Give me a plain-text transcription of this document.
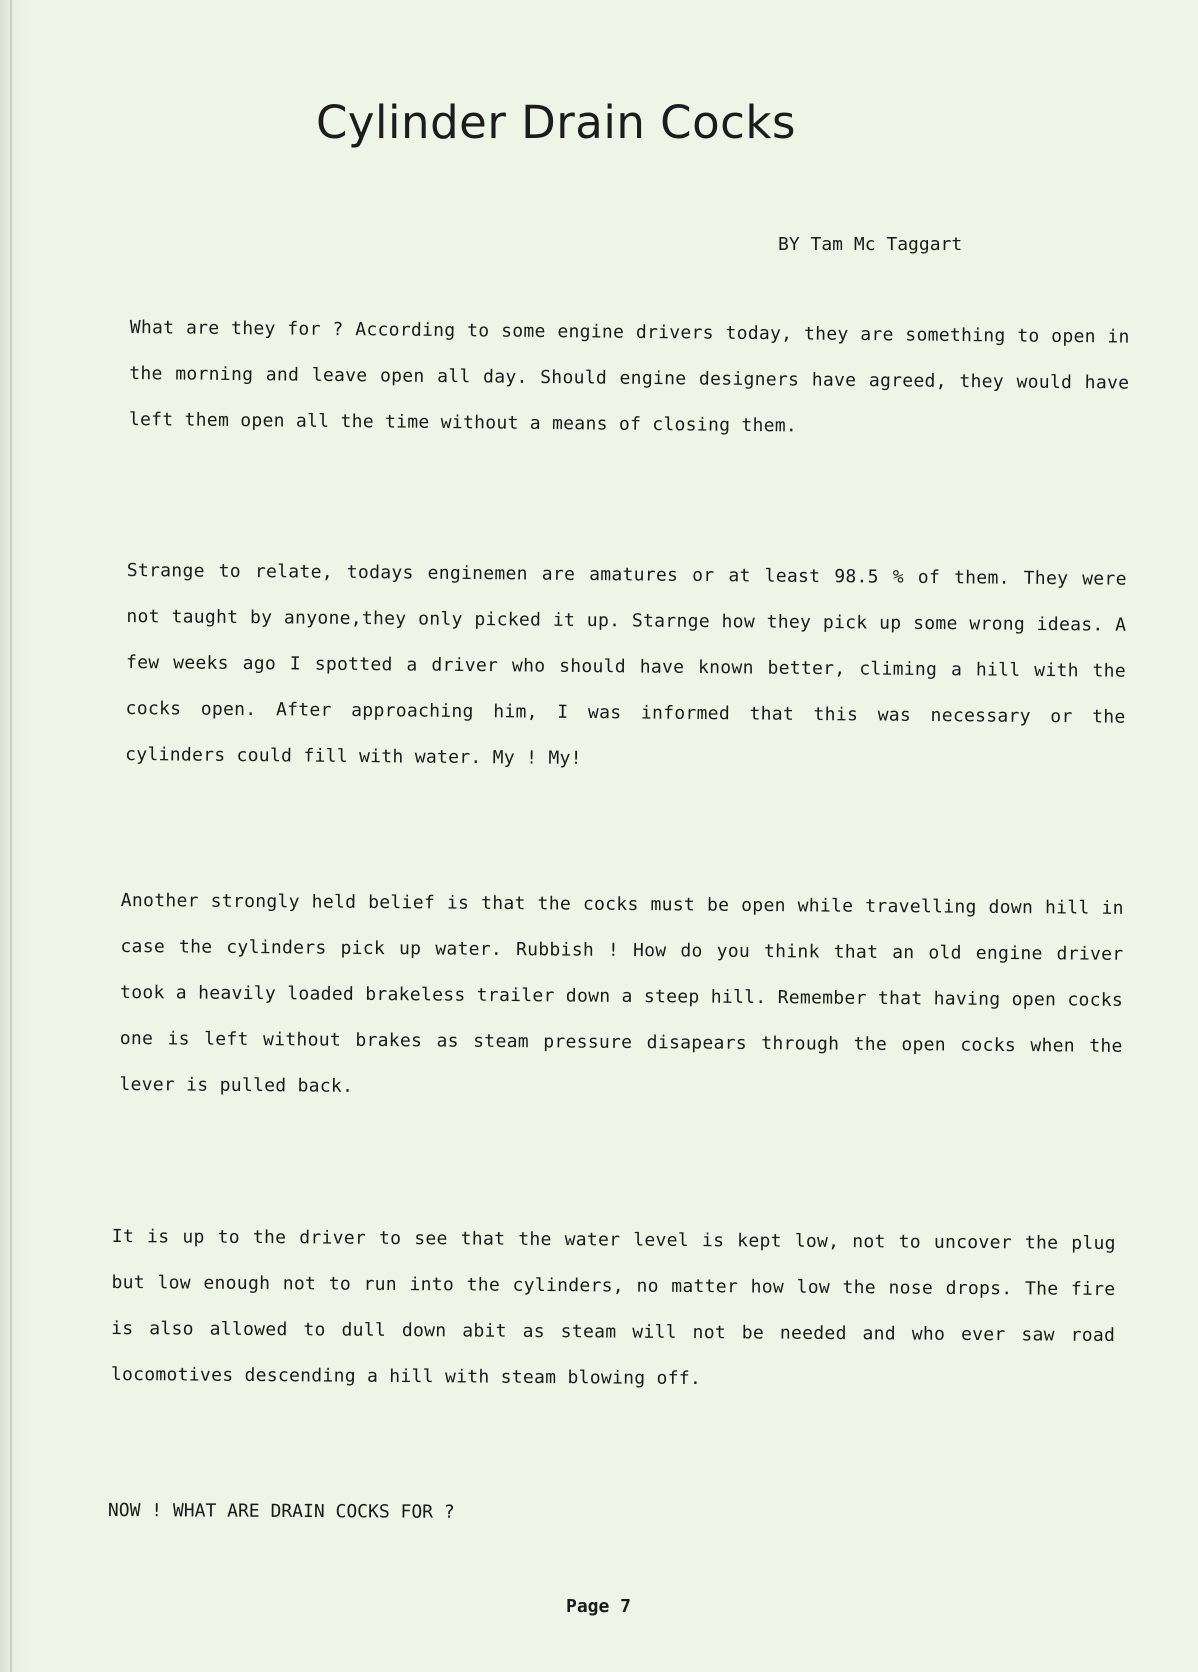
Cylinder Drain Cocks
BY Tam Mc Taggart

What are they for ? According to some engine drivers today, they are something to open in the morning and leave open all day. Should engine designers have agreed, they would have left them open all the time without a means of closing them.

Strange to relate, todays enginemen are amatures or at least 98.5 % of them. They were not taught by anyone,they only picked it up. Starnge how they pick up some wrong ideas. A few weeks ago I spotted a driver who should have known better, climing a hill with the cocks open. After approaching him, I was informed that this was necessary or the cylinders could fill with water. My ! My!

Another strongly held belief is that the cocks must be open while travelling down hill in case the cylinders pick up water. Rubbish ! How do you think that an old engine driver took a heavily loaded brakeless trailer down a steep hill. Remember that having open cocks one is left without brakes as steam pressure disapears through the open cocks when the lever is pulled back.

It is up to the driver to see that the water level is kept low, not to uncover the plug but low enough not to run into the cylinders, no matter how low the nose drops. The fire is also allowed to dull down abit as steam will not be needed and who ever saw road locomotives descending a hill with steam blowing off.

NOW ! WHAT ARE DRAIN COCKS FOR ?
Page 7
